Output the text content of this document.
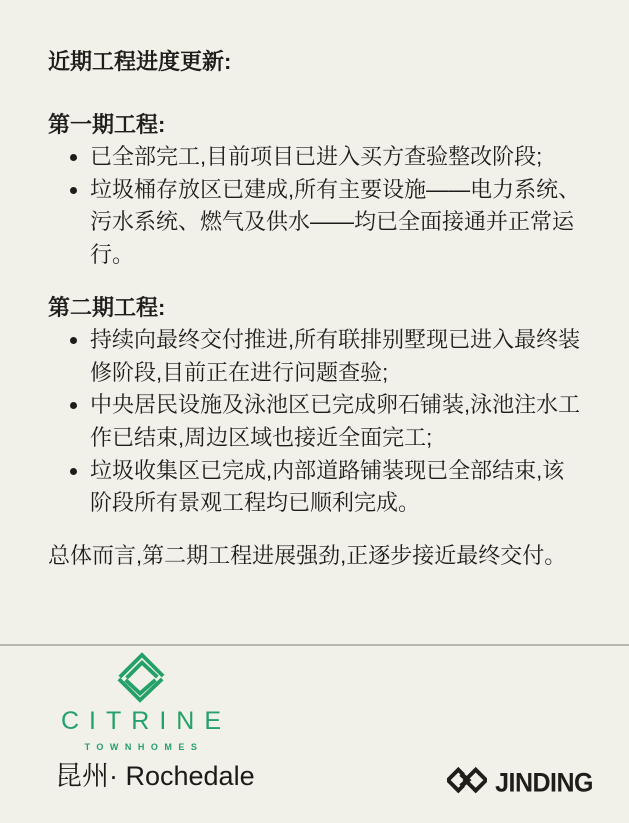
近期工程进度更新:

第一期工程:

• 已全部完工,目前项目已进入买方查验整改阶段;
• 垃圾桶存放区已建成,所有主要设施——电力系统、污水系统、燃气及供水——均已全面接通并正常运行。

第二期工程:

• 持续向最终交付推进,所有联排别墅现已进入最终装修阶段,目前正在进行问题查验;
• 中央居民设施及泳池区已完成卵石铺装,泳池注水工作已结束,周边区域也接近全面完工;
• 垃圾收集区已完成,内部道路铺装现已全部结束,该阶段所有景观工程均已顺利完成。

总体而言,第二期工程进展强劲,正逐步接近最终交付。

CITRINE
TOWNHOMES
昆州· Rochedale	JINDING
